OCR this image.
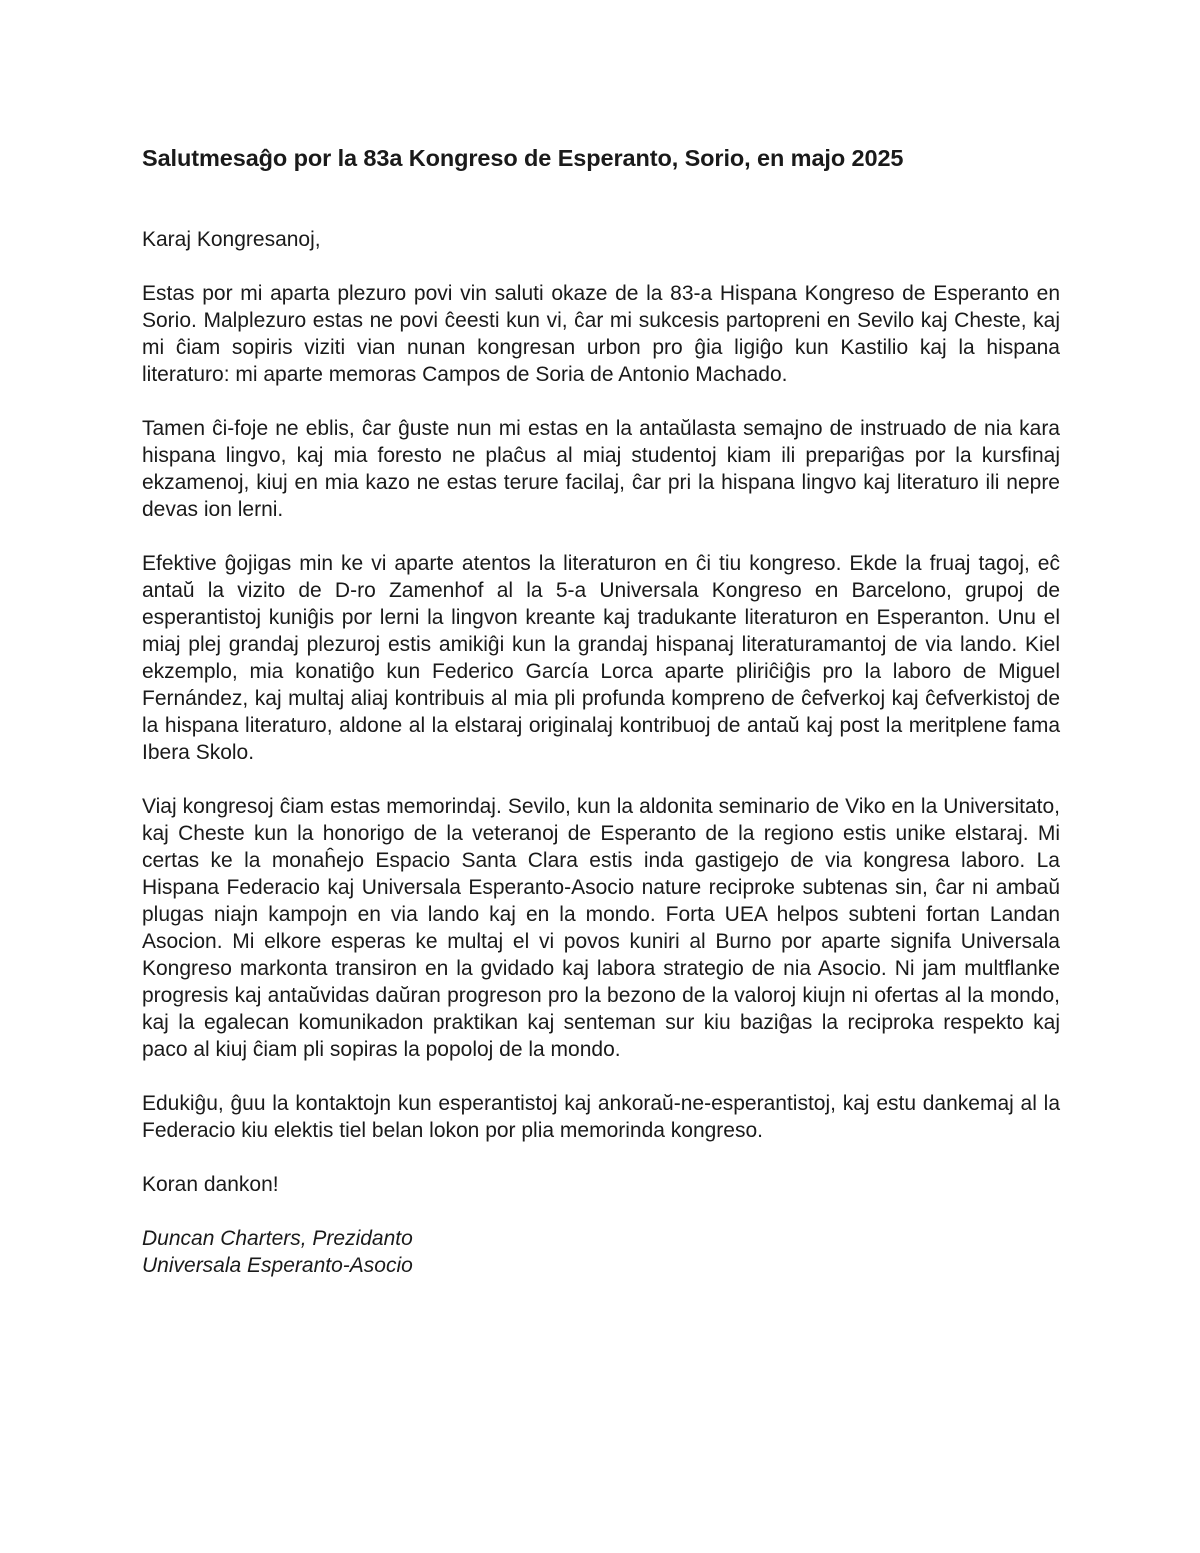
Salutmesaĝo por la 83a Kongreso de Esperanto, Sorio, en majo 2025

Karaj Kongresanoj,

Estas por mi aparta plezuro povi vin saluti okaze de la 83-a Hispana Kongreso de Esperanto en Sorio. Malplezuro estas ne povi ĉeesti kun vi, ĉar mi sukcesis partopreni en Sevilo kaj Cheste, kaj mi ĉiam sopiris viziti vian nunan kongresan urbon pro ĝia ligiĝo kun Kastilio kaj la hispana literaturo: mi aparte memoras Campos de Soria de Antonio Machado.

Tamen ĉi-foje ne eblis, ĉar ĝuste nun mi estas en la antaŭlasta semajno de instruado de nia kara hispana lingvo, kaj mia foresto ne plaĉus al miaj studentoj kiam ili prepariĝas por la kursfinaj ekzamenoj, kiuj en mia kazo ne estas terure facilaj, ĉar pri la hispana lingvo kaj literaturo ili nepre devas ion lerni.

Efektive ĝojigas min ke vi aparte atentos la literaturon en ĉi tiu kongreso. Ekde la fruaj tagoj, eĉ antaŭ la vizito de D-ro Zamenhof al la 5-a Universala Kongreso en Barcelono, grupoj de esperantistoj kuniĝis por lerni la lingvon kreante kaj tradukante literaturon en Esperanton. Unu el miaj plej grandaj plezuroj estis amikiĝi kun la grandaj hispanaj literaturamantoj de via lando. Kiel ekzemplo, mia konatiĝo kun Federico García Lorca aparte pliriĉiĝis pro la laboro de Miguel Fernández, kaj multaj aliaj kontribuis al mia pli profunda kompreno de ĉefverkoj kaj ĉefverkistoj de la hispana literaturo, aldone al la elstaraj originalaj kontribuoj de antaŭ kaj post la meritplene fama Ibera Skolo.

Viaj kongresoj ĉiam estas memorindaj. Sevilo, kun la aldonita seminario de Viko en la Universitato, kaj Cheste kun la honorigo de la veteranoj de Esperanto de la regiono estis unike elstaraj. Mi certas ke la monaĥejo Espacio Santa Clara estis inda gastigejo de via kongresa laboro. La Hispana Federacio kaj Universala Esperanto-Asocio nature reciproke subtenas sin, ĉar ni ambaŭ plugas niajn kampojn en via lando kaj en la mondo. Forta UEA helpos subteni fortan Landan Asocion. Mi elkore esperas ke multaj el vi povos kuniri al Burno por aparte signifa Universala Kongreso markonta transiron en la gvidado kaj labora strategio de nia Asocio. Ni jam multflanke progresis kaj antaŭvidas daŭran progreson pro la bezono de la valoroj kiujn ni ofertas al la mondo, kaj la egalecan komunikadon praktikan kaj senteman sur kiu baziĝas la reciproka respekto kaj paco al kiuj ĉiam pli sopiras la popoloj de la mondo.

Edukiĝu, ĝuu la kontaktojn kun esperantistoj kaj ankoraŭ-ne-esperantistoj, kaj estu dankemaj al la Federacio kiu elektis tiel belan lokon por plia memorinda kongreso.

Koran dankon!

Duncan Charters, Prezidanto

Universala Esperanto-Asocio
